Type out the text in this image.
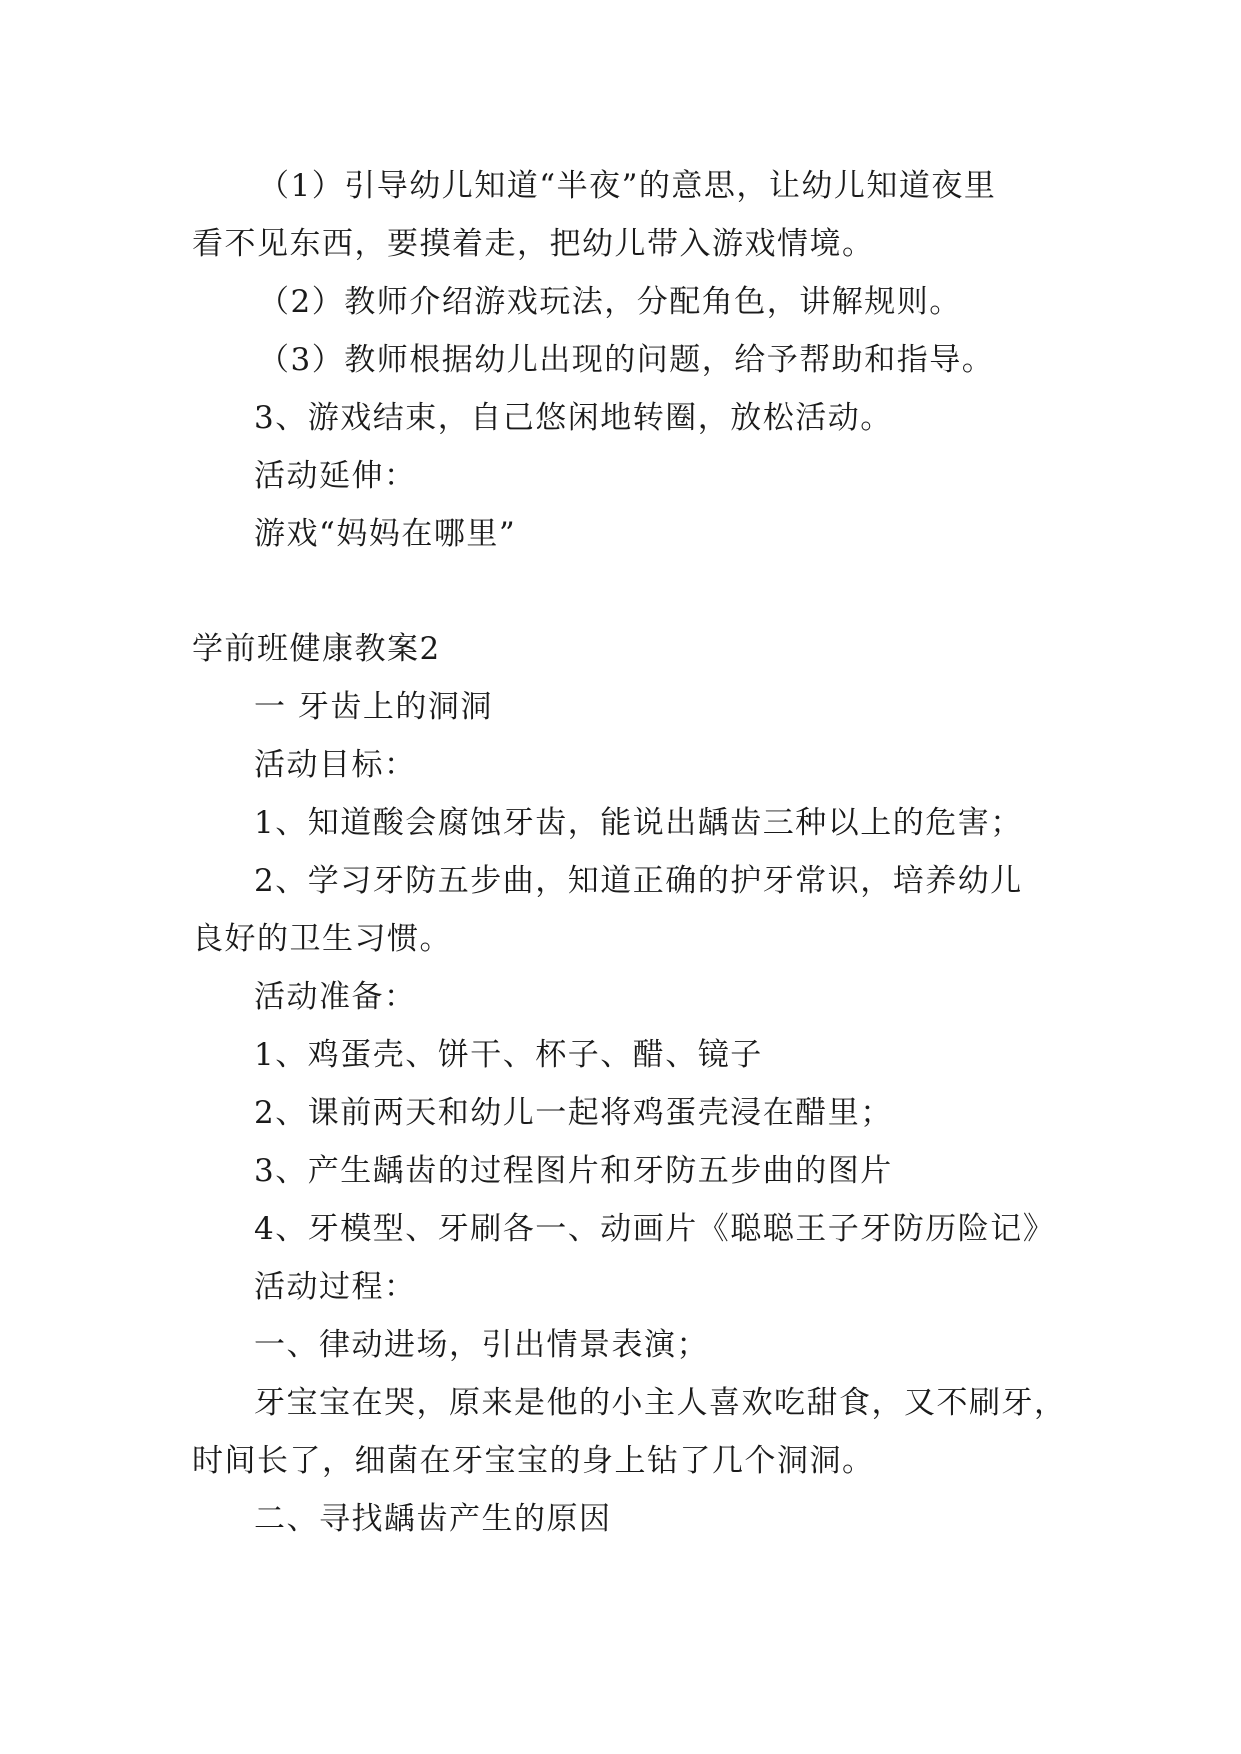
（1）引导幼儿知道“半夜”的意思，让幼儿知道夜里

看不见东西，要摸着走，把幼儿带入游戏情境。

（2）教师介绍游戏玩法，分配角色，讲解规则。

（3）教师根据幼儿出现的问题，给予帮助和指导。

3、游戏结束，自己悠闲地转圈，放松活动。

活动延伸：

游戏“妈妈在哪里”

学前班健康教案2

一 牙齿上的洞洞

活动目标：

1、知道酸会腐蚀牙齿，能说出龋齿三种以上的危害；

2、学习牙防五步曲，知道正确的护牙常识，培养幼儿

良好的卫生习惯。

活动准备：

1、鸡蛋壳、饼干、杯子、醋、镜子

2、课前两天和幼儿一起将鸡蛋壳浸在醋里；

3、产生龋齿的过程图片和牙防五步曲的图片

4、牙模型、牙刷各一、动画片《聪聪王子牙防历险记》

活动过程：

一、律动进场，引出情景表演；

牙宝宝在哭，原来是他的小主人喜欢吃甜食，又不刷牙，

时间长了，细菌在牙宝宝的身上钻了几个洞洞。

二、寻找龋齿产生的原因
